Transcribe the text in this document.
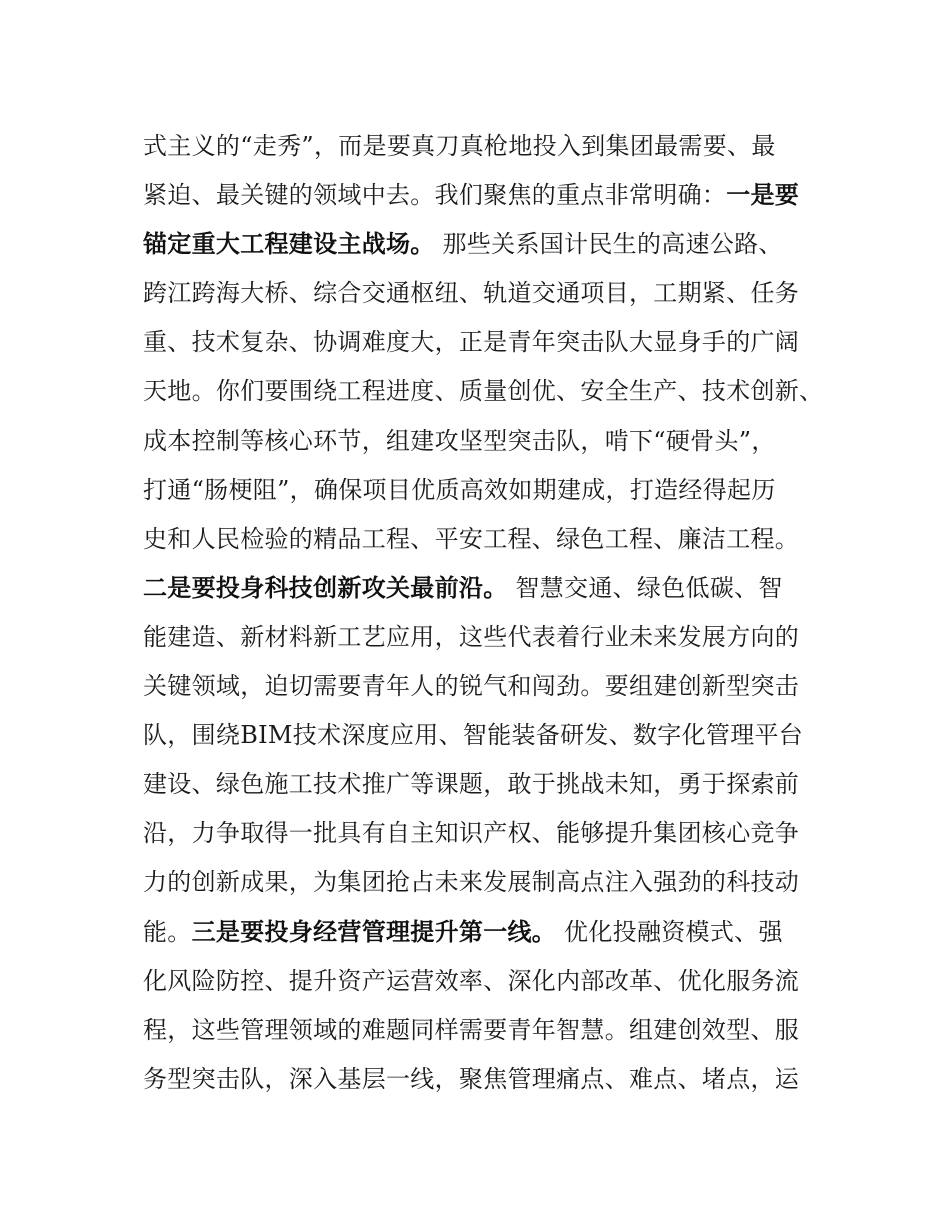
式主义的“走秀”，而是要真刀真枪地投入到集团最需要、最
紧迫、最关键的领域中去。我们聚焦的重点非常明确：一是要
锚定重大工程建设主战场。 那些关系国计民生的高速公路、
跨江跨海大桥、综合交通枢纽、轨道交通项目，工期紧、任务
重、技术复杂、协调难度大，正是青年突击队大显身手的广阔
天地。你们要围绕工程进度、质量创优、安全生产、技术创新、
成本控制等核心环节，组建攻坚型突击队，啃下“硬骨头”，
打通“肠梗阻”，确保项目优质高效如期建成，打造经得起历
史和人民检验的精品工程、平安工程、绿色工程、廉洁工程。
二是要投身科技创新攻关最前沿。 智慧交通、绿色低碳、智
能建造、新材料新工艺应用，这些代表着行业未来发展方向的
关键领域，迫切需要青年人的锐气和闯劲。要组建创新型突击
队，围绕BIM技术深度应用、智能装备研发、数字化管理平台
建设、绿色施工技术推广等课题，敢于挑战未知，勇于探索前
沿，力争取得一批具有自主知识产权、能够提升集团核心竞争
力的创新成果，为集团抢占未来发展制高点注入强劲的科技动
能。三是要投身经营管理提升第一线。 优化投融资模式、强
化风险防控、提升资产运营效率、深化内部改革、优化服务流
程，这些管理领域的难题同样需要青年智慧。组建创效型、服
务型突击队，深入基层一线，聚焦管理痛点、难点、堵点，运
